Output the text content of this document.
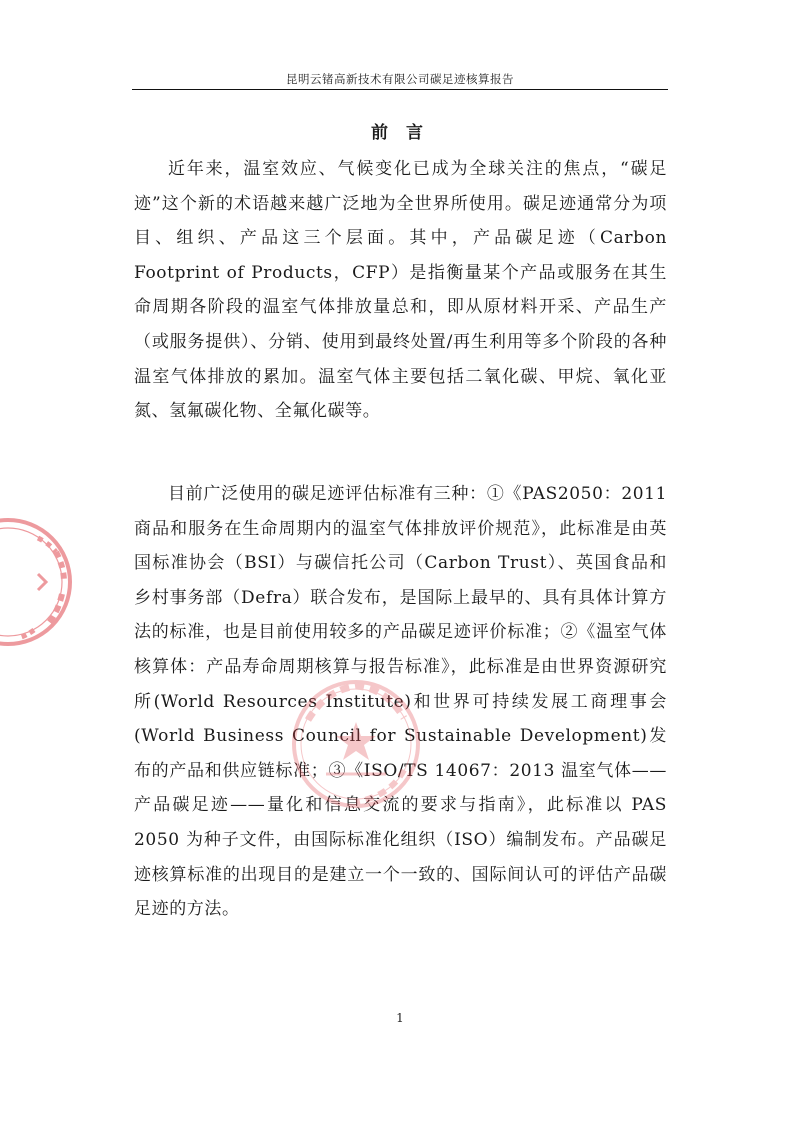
昆明云锗高新技术有限公司碳足迹核算报告
前 言

近年来，温室效应、气候变化已成为全球关注的焦点，“碳足迹”这个新的术语越来越广泛地为全世界所使用。碳足迹通常分为项目、组织、产品这三个层面。其中，产品碳足迹（Carbon Footprint of Products，CFP）是指衡量某个产品或服务在其生命周期各阶段的温室气体排放量总和，即从原材料开采、产品生产（或服务提供）、分销、使用到最终处置/再生利用等多个阶段的各种温室气体排放的累加。温室气体主要包括二氧化碳、甲烷、氧化亚氮、氢氟碳化物、全氟化碳等。

目前广泛使用的碳足迹评估标准有三种：①《PAS2050：2011 商品和服务在生命周期内的温室气体排放评价规范》，此标准是由英国标准协会（BSI）与碳信托公司（Carbon Trust）、英国食品和乡村事务部（Defra）联合发布，是国际上最早的、具有具体计算方法的标准，也是目前使用较多的产品碳足迹评价标准；②《温室气体核算体：产品寿命周期核算与报告标准》，此标准是由世界资源研究所(World Resources Institute)和世界可持续发展工商理事会(World Business Council for Sustainable Development)发布的产品和供应链标准；③《ISO/TS 14067：2013 温室气体——产品碳足迹——量化和信息交流的要求与指南》，此标准以 PAS 2050 为种子文件，由国际标准化组织（ISO）编制发布。产品碳足迹核算标准的出现目的是建立一个一致的、国际间认可的评估产品碳足迹的方法。

1
